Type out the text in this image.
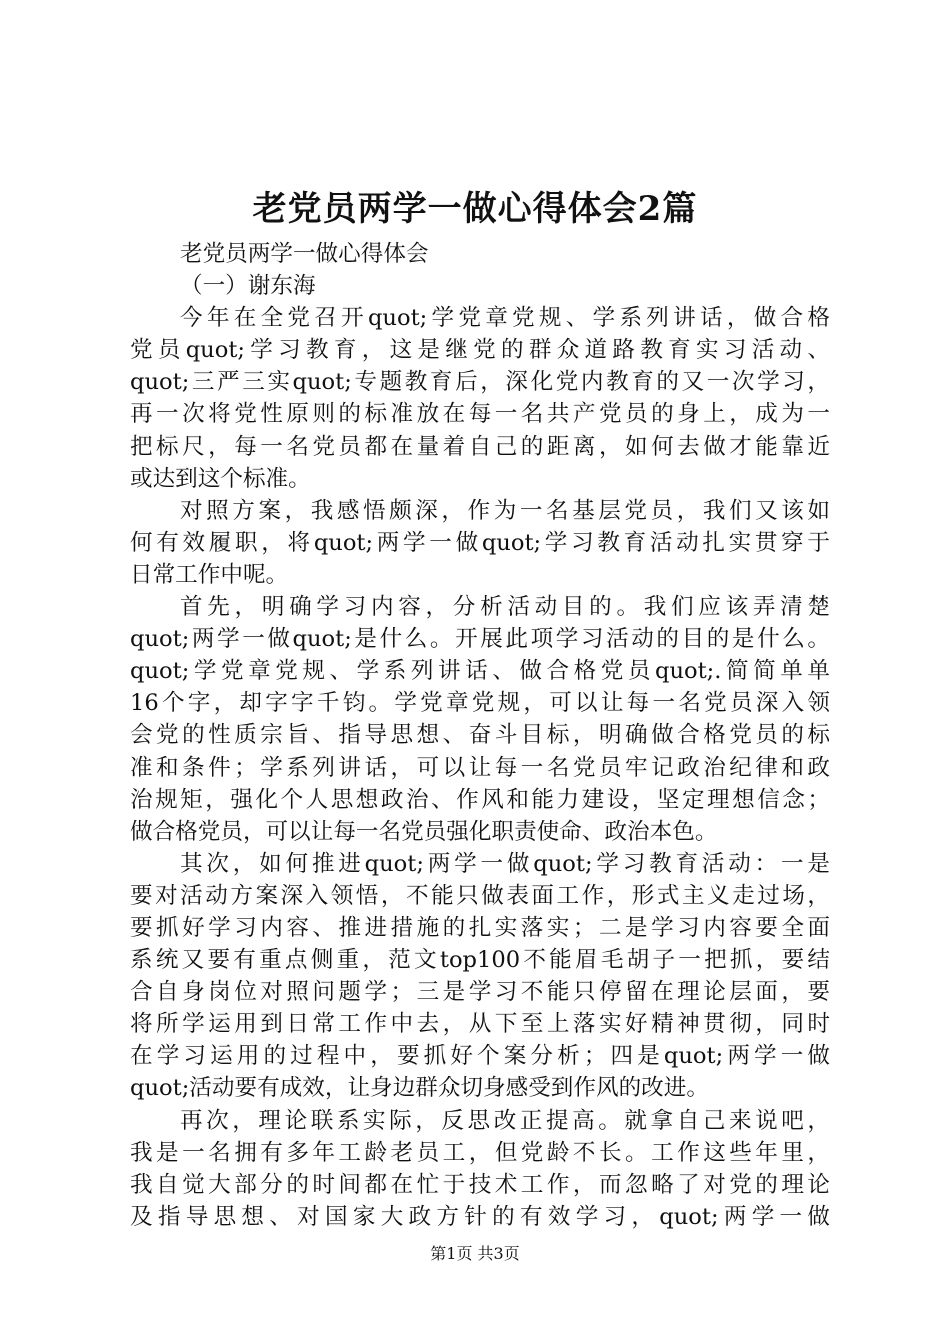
老党员两学一做心得体会2篇
老党员两学一做心得体会
（一）谢东海
今年在全党召开quot;学党章党规、学系列讲话，做合格
党员quot;学习教育，这是继党的群众道路教育实习活动、
quot;三严三实quot;专题教育后，深化党内教育的又一次学习，
再一次将党性原则的标准放在每一名共产党员的身上，成为一
把标尺，每一名党员都在量着自己的距离，如何去做才能靠近
或达到这个标准。
对照方案，我感悟颇深，作为一名基层党员，我们又该如
何有效履职，将quot;两学一做quot;学习教育活动扎实贯穿于
日常工作中呢。
首先，明确学习内容，分析活动目的。我们应该弄清楚
quot;两学一做quot;是什么。开展此项学习活动的目的是什么。
quot;学党章党规、学系列讲话、做合格党员quot;.简简单单
16个字，却字字千钧。学党章党规，可以让每一名党员深入领
会党的性质宗旨、指导思想、奋斗目标，明确做合格党员的标
准和条件；学系列讲话，可以让每一名党员牢记政治纪律和政
治规矩，强化个人思想政治、作风和能力建设，坚定理想信念；
做合格党员，可以让每一名党员强化职责使命、政治本色。
其次，如何推进quot;两学一做quot;学习教育活动：一是
要对活动方案深入领悟，不能只做表面工作，形式主义走过场，
要抓好学习内容、推进措施的扎实落实；二是学习内容要全面
系统又要有重点侧重，范文top100不能眉毛胡子一把抓，要结
合自身岗位对照问题学；三是学习不能只停留在理论层面，要
将所学运用到日常工作中去，从下至上落实好精神贯彻，同时
在学习运用的过程中，要抓好个案分析；四是quot;两学一做
quot;活动要有成效，让身边群众切身感受到作风的改进。
再次，理论联系实际，反思改正提高。就拿自己来说吧，
我是一名拥有多年工龄老员工，但党龄不长。工作这些年里，
我自觉大部分的时间都在忙于技术工作，而忽略了对党的理论
及指导思想、对国家大政方针的有效学习，quot;两学一做
第1页 共3页
